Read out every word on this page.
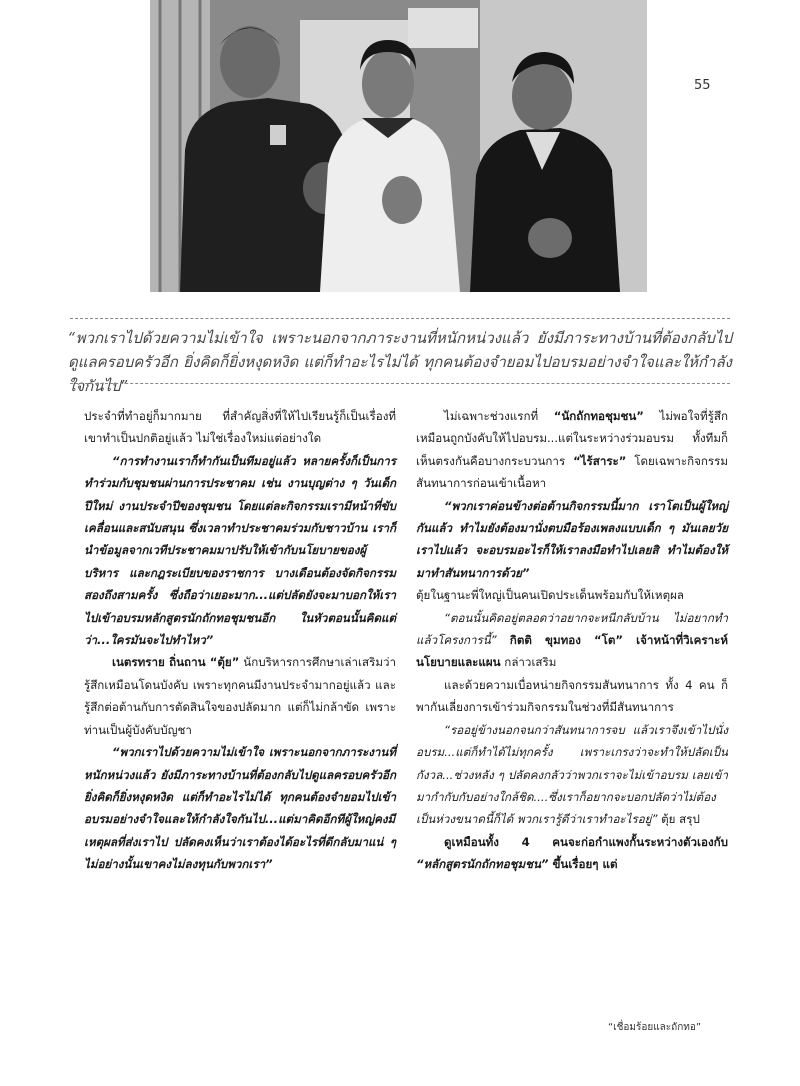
55
“พวกเราไปด้วยความไม่เข้าใจ เพราะนอกจากภาระงานที่หนักหน่วงแล้ว ยังมีภาระทางบ้านที่ต้องกลับไปดูแลครอบครัวอีก ยิ่งคิดก็ยิ่งหงุดหงิด แต่ก็ทำอะไรไม่ได้ ทุกคนต้องจำยอมไปอบรมอย่างจำใจและให้กำลังใจกันไป”

ประจำที่ทำอยู่ก็มากมาย ที่สำคัญสิ่งที่ให้ไปเรียนรู้ก็เป็นเรื่องที่เขาทำเป็นปกติอยู่แล้ว ไม่ใช่เรื่องใหม่แต่อย่างใด

“การทำงานเราก็ทำกันเป็นทีมอยู่แล้ว หลายครั้งก็เป็นการทำร่วมกับชุมชนผ่านการประชาคม เช่น งานบุญต่าง ๆ วันเด็ก ปีใหม่ งานประจำปีของชุมชน โดยแต่ละกิจกรรมเรามีหน้าที่ขับเคลื่อนและสนับสนุน ซึ่งเวลาทำประชาคมร่วมกับชาวบ้าน เราก็นำข้อมูลจากเวทีประชาคมมาปรับให้เข้ากับนโยบายของผู้บริหาร และกฎระเบียบของราชการ บางเดือนต้องจัดกิจกรรมสองถึงสามครั้ง ซึ่งถือว่าเยอะมาก...แต่ปลัดยังจะมาบอกให้เราไปเข้าอบรมหลักสูตรนักถักทอชุมชนอีก ในหัวตอนนั้นคิดแต่ว่า...ใครมันจะไปทำไหว”

เนตรทราย ถิ่นถาน “ตุ้ย” นักบริหารการศึกษาเล่าเสริมว่า รู้สึกเหมือนโดนบังคับ เพราะทุกคนมีงานประจำมากอยู่แล้ว และรู้สึกต่อต้านกับการตัดสินใจของปลัดมาก แต่ก็ไม่กล้าขัด เพราะท่านเป็นผู้บังคับบัญชา

“พวกเราไปด้วยความไม่เข้าใจ เพราะนอกจากภาระงานที่หนักหน่วงแล้ว ยังมีภาระทางบ้านที่ต้องกลับไปดูแลครอบครัวอีก ยิ่งคิดก็ยิ่งหงุดหงิด แต่ก็ทำอะไรไม่ได้ ทุกคนต้องจำยอมไปเข้าอบรมอย่างจำใจและให้กำลังใจกันไป...แต่มาคิดอีกทีผู้ใหญ่คงมีเหตุผลที่ส่งเราไป ปลัดคงเห็นว่าเราต้องได้อะไรที่ดีกลับมาแน่ ๆ ไม่อย่างนั้นเขาคงไม่ลงทุนกับพวกเรา”

ไม่เฉพาะช่วงแรกที่ “นักถักทอชุมชน” ไม่พอใจที่รู้สึกเหมือนถูกบังคับให้ไปอบรม...แต่ในระหว่างร่วมอบรม ทั้งทีมก็เห็นตรงกันคือบางกระบวนการ “ไร้สาระ” โดยเฉพาะกิจกรรมสันทนาการก่อนเข้าเนื้อหา

“พวกเราค่อนข้างต่อต้านกิจกรรมนี้มาก เราโตเป็นผู้ใหญ่กันแล้ว ทำไมยังต้องมานั่งตบมือร้องเพลงแบบเด็ก ๆ มันเลยวัยเราไปแล้ว จะอบรมอะไรก็ให้เราลงมือทำไปเลยสิ ทำไมต้องให้มาทำสันทนาการด้วย”

ตุ้ยในฐานะพี่ใหญ่เป็นคนเปิดประเด็นพร้อมกับให้เหตุผล

“ตอนนั้นคิดอยู่ตลอดว่าอยากจะหนีกลับบ้าน ไม่อยากทำแล้วโครงการนี้” กิตติ ขุมทอง “โต” เจ้าหน้าที่วิเคราะห์นโยบายและแผน กล่าวเสริม

และด้วยความเบื่อหน่ายกิจกรรมสันทนาการ ทั้ง 4 คน ก็พากันเลี่ยงการเข้าร่วมกิจกรรมในช่วงที่มีสันทนาการ

“รออยู่ข้างนอกจนกว่าสันทนาการจบ แล้วเราจึงเข้าไปนั่งอบรม...แต่ก็ทำได้ไม่ทุกครั้ง เพราะเกรงว่าจะทำให้ปลัดเป็นกังวล...ช่วงหลัง ๆ ปลัดคงกลัวว่าพวกเราจะไม่เข้าอบรม เลยเข้ามากำกับกับอย่างใกล้ชิด....ซึ่งเราก็อยากจะบอกปลัดว่าไม่ต้องเป็นห่วงขนาดนี้ก็ได้ พวกเรารู้ดีว่าเราทำอะไรอยู่” ตุ้ย สรุป

ดูเหมือนทั้ง 4 คนจะก่อกำแพงกั้นระหว่างตัวเองกับ “หลักสูตรนักถักทอชุมชน” ขึ้นเรื่อยๆ แต่

“เชื่อมร้อยและถักทอ”
